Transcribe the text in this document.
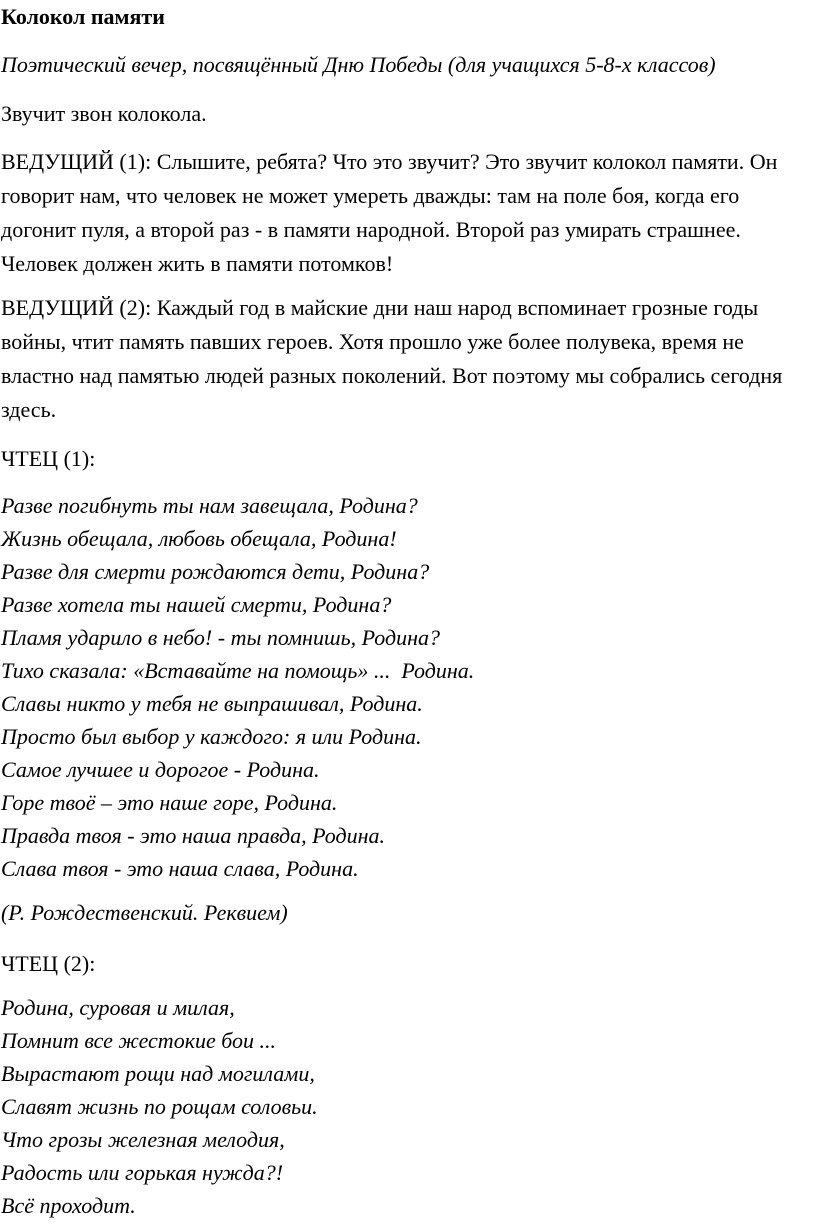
Колокол памяти

Поэтический вечер, посвящённый Дню Победы (для учащихся 5-8-х классов)

Звучит звон колокола.

ВЕДУЩИЙ (1): Слышите, ребята? Что это звучит? Это звучит колокол памяти. Он говорит нам, что человек не может умереть дважды: там на поле боя, когда его догонит пуля, а второй раз - в памяти народной. Второй раз умирать страшнее. Человек должен жить в памяти потомков!

ВЕДУЩИЙ (2): Каждый год в майские дни наш народ вспоминает грозные годы войны, чтит память павших героев. Хотя прошло уже более полувека, время не властно над памятью людей разных поколений. Вот поэтому мы собрались сегодня здесь.

ЧТЕЦ (1):

Разве погибнуть ты нам завещала, Родина?
Жизнь обещала, любовь обещала, Родина!
Разве для смерти рождаются дети, Родина?
Разве хотела ты нашей смерти, Родина?
Пламя ударило в небо! - ты помнишь, Родина?
Тихо сказала: «Вставайте на помощь» ...  Родина.
Славы никто у тебя не выпрашивал, Родина.
Просто был выбор у каждого: я или Родина.
Самое лучшее и дорогое - Родина.
Горе твоё – это наше горе, Родина.
Правда твоя - это наша правда, Родина.
Слава твоя - это наша слава, Родина.

(Р. Рождественский. Реквием)

ЧТЕЦ (2):

Родина, суровая и милая,
Помнит все жестокие бои ...
Вырастают рощи над могилами,
Славят жизнь по рощам соловьи.
Что грозы железная мелодия,
Радость или горькая нужда?!
Всё проходит.
